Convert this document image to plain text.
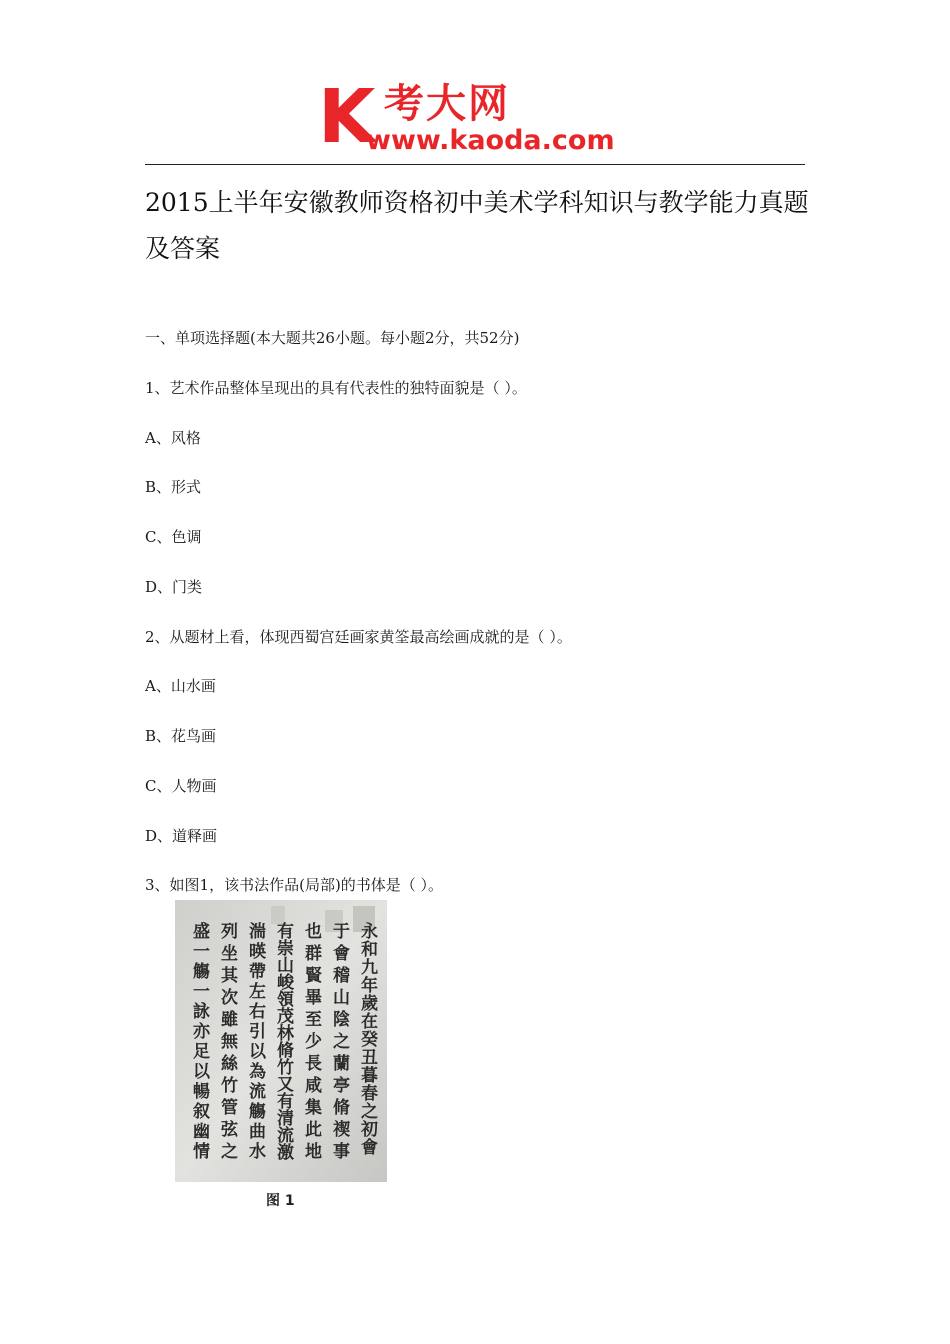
K 考大网
www.kaoda.com
2015上半年安徽教师资格初中美术学科知识与教学能力真题及答案
一、单项选择题(本大题共26小题。每小题2分，共52分)
1、艺术作品整体呈现出的具有代表性的独特面貌是（ ）。
A、风格
B、形式
C、色调
D、门类
2、从题材上看，体现西蜀宫廷画家黄筌最高绘画成就的是（ ）。
A、山水画
B、花鸟画
C、人物画
D、道释画
3、如图1，该书法作品(局部)的书体是（ ）。
永和九年歲在癸丑暮春之初會
于會稽山陰之蘭亭脩禊事
也群賢畢至少長咸集此地
有崇山峻領茂林脩竹又有清流激
湍暎帶左右引以為流觴曲水
列坐其次雖無絲竹管弦之
盛一觴一詠亦足以暢叙幽情
图 1
